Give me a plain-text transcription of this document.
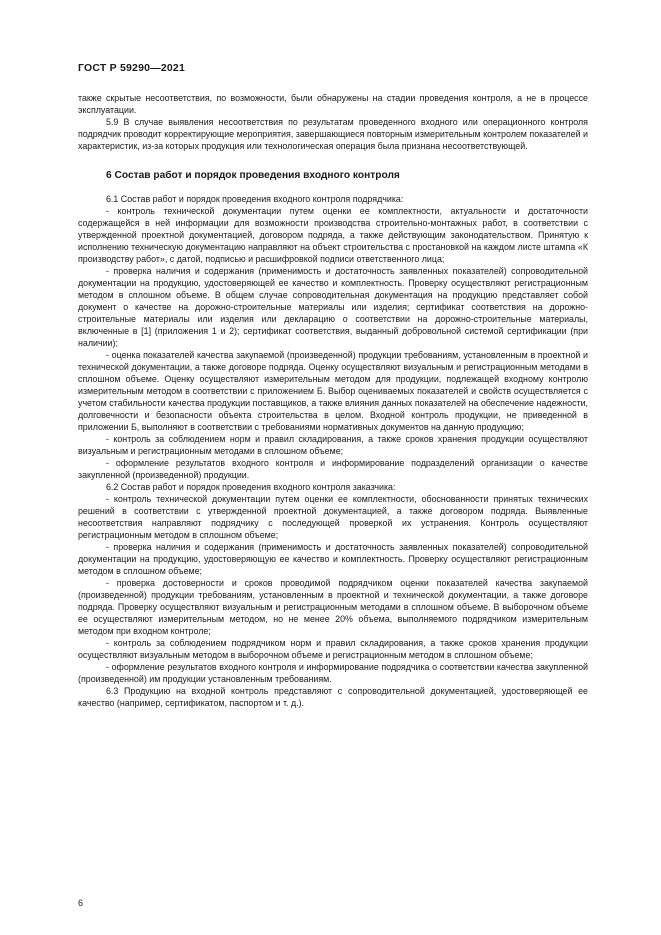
ГОСТ Р 59290—2021

также скрытые несоответствия, по возможности, были обнаружены на стадии проведения контроля, а не в процессе эксплуатации.

5.9 В случае выявления несоответствия по результатам проведенного входного или операционного контроля подрядчик проводит корректирующие мероприятия, завершающиеся повторным измерительным контролем показателей и характеристик, из-за которых продукция или технологическая операция была признана несоответствующей.

6 Состав работ и порядок проведения входного контроля

6.1 Состав работ и порядок проведения входного контроля подрядчика:

- контроль технической документации путем оценки ее комплектности, актуальности и достаточности содержащейся в ней информации для возможности производства строительно-монтажных работ, в соответствии с утвержденной проектной документацией, договором подряда, а также действующим законодательством. Принятую к исполнению техническую документацию направляют на объект строительства с простановкой на каждом листе штампа «К производству работ», с датой, подписью и расшифровкой подписи ответственного лица;

- проверка наличия и содержания (применимость и достаточность заявленных показателей) сопроводительной документации на продукцию, удостоверяющей ее качество и комплектность. Проверку осуществляют регистрационным методом в сплошном объеме. В общем случае сопроводительная документация на продукцию представляет собой документ о качестве на дорожно-строительные материалы или изделия; сертификат соответствия на дорожно-строительные материалы или изделия или декларацию о соответствии на дорожно-строительные материалы, включенные в [1] (приложения 1 и 2); сертификат соответствия, выданный добровольной системой сертификации (при наличии);

- оценка показателей качества закупаемой (произведенной) продукции требованиям, установленным в проектной и технической документации, а также договоре подряда. Оценку осуществляют визуальным и регистрационным методами в сплошном объеме. Оценку осуществляют измерительным методом для продукции, подлежащей входному контролю измерительным методом в соответствии с приложением Б. Выбор оцениваемых показателей и свойств осуществляется с учетом стабильности качества продукции поставщиков, а также влияния данных показателей на обеспечение надежности, долговечности и безопасности объекта строительства в целом. Входной контроль продукции, не приведенной в приложении Б, выполняют в соответствии с требованиями нормативных документов на данную продукцию;

- контроль за соблюдением норм и правил складирования, а также сроков хранения продукции осуществляют визуальным и регистрационным методами в сплошном объеме;

- оформление результатов входного контроля и информирование подразделений организации о качестве закупленной (произведенной) продукции.

6.2 Состав работ и порядок проведения входного контроля заказчика:

- контроль технической документации путем оценки ее комплектности, обоснованности принятых технических решений в соответствии с утвержденной проектной документацией, а также договором подряда. Выявленные несоответствия направляют подрядчику с последующей проверкой их устранения. Контроль осуществляют регистрационным методом в сплошном объеме;

- проверка наличия и содержания (применимость и достаточность заявленных показателей) сопроводительной документации на продукцию, удостоверяющую ее качество и комплектность. Проверку осуществляют регистрационным методом в сплошном объеме;

- проверка достоверности и сроков проводимой подрядчиком оценки показателей качества закупаемой (произведенной) продукции требованиям, установленным в проектной и технической документации, а также договоре подряда. Проверку осуществляют визуальным и регистрационным методами в сплошном объеме. В выборочном объеме ее осуществляют измерительным методом, но не менее 20% объема, выполняемого подрядчиком измерительным методом при входном контроле;

- контроль за соблюдением подрядчиком норм и правил складирования, а также сроков хранения продукции осуществляют визуальным методом в выборочном объеме и регистрационным методом в сплошном объеме;

- оформление результатов входного контроля и информирование подрядчика о соответствии качества закупленной (произведенной) им продукции установленным требованиям.

6.3 Продукцию на входной контроль представляют с сопроводительной документацией, удостоверяющей ее качество (например, сертификатом, паспортом и т. д.).

6
